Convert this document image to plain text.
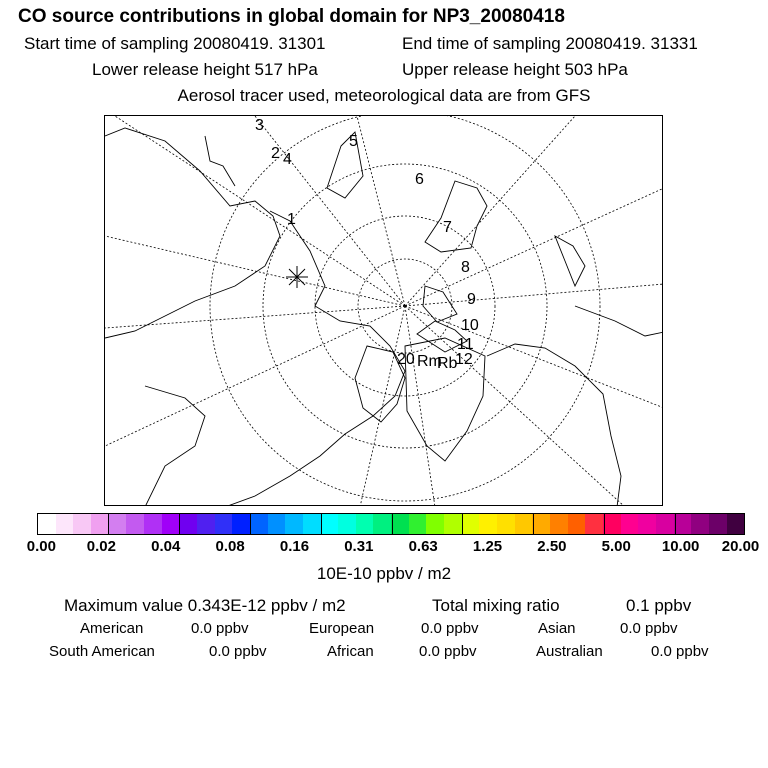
CO source contributions in global domain for NP3_20080418
Start time of sampling 20080419. 31301	End time of sampling 20080419. 31331
Lower release height 517 hPa	Upper release height 503 hPa
Aerosol tracer used, meteorological data are from GFS
1
2
3
4
5
6
7
8
9
10
11
12
20 Rm
Rb
0.00 0.02 0.04 0.08 0.16 0.31 0.63 1.25 2.50 5.00 10.00 20.00
10E-10 ppbv / m2
Maximum value 0.343E-12 ppbv / m2	Total mixing ratio	0.1 ppbv
American	0.0 ppbv	European	0.0 ppbv	Asian	0.0 ppbv
South American	0.0 ppbv	African	0.0 ppbv	Australian	0.0 ppbv
